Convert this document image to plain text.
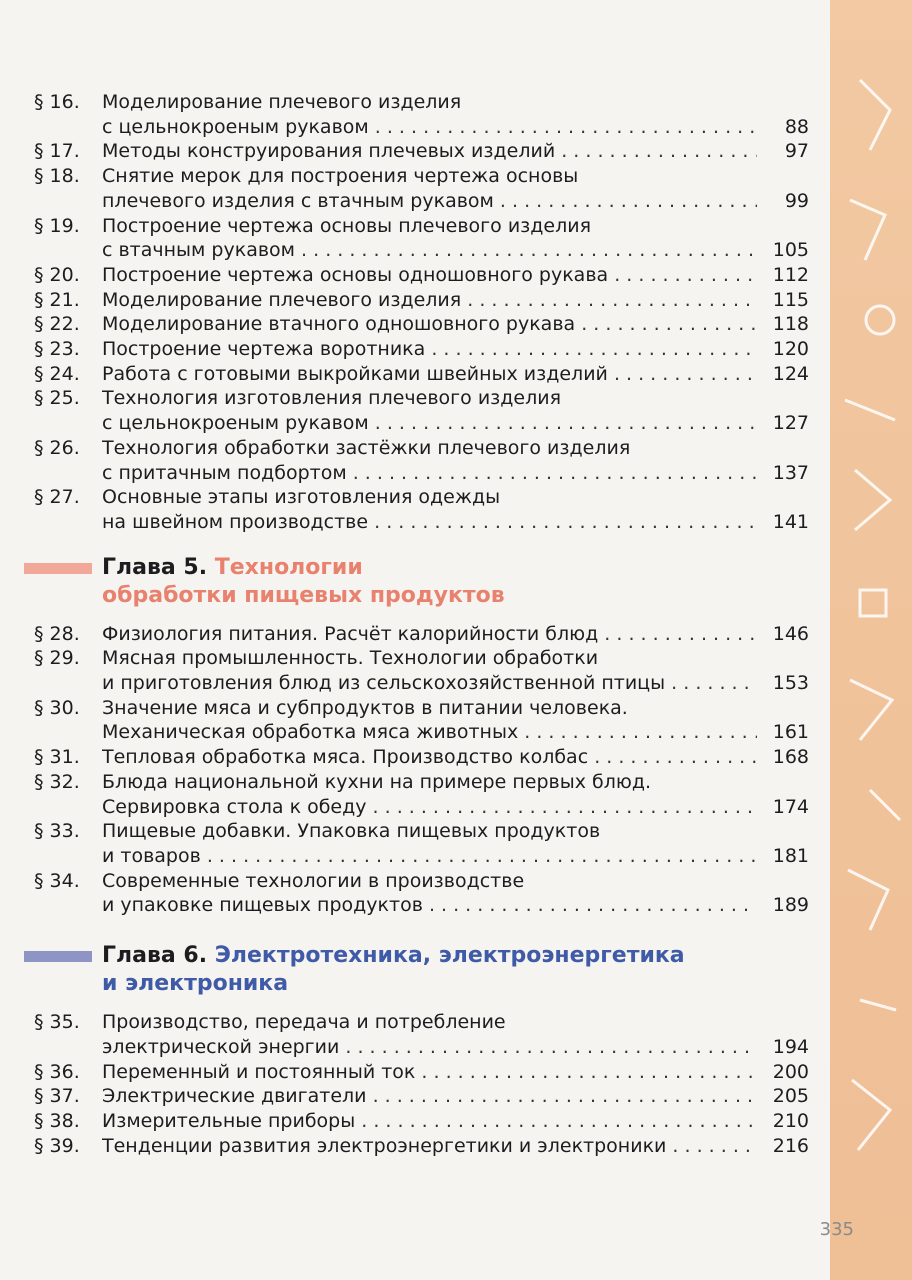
§ 16.	Моделирование плечевого изделия
с цельнокроеным рукавом . . .	88
§ 17.	Методы конструирования плечевых изделий . . .	97
§ 18.	Снятие мерок для построения чертежа основы
плечевого изделия с втачным рукавом . . .	99
§ 19.	Построение чертежа основы плечевого изделия
с втачным рукавом . . .	105
§ 20.	Построение чертежа основы одношовного рукава . . .	112
§ 21.	Моделирование плечевого изделия . . .	115
§ 22.	Моделирование втачного одношовного рукава . . .	118
§ 23.	Построение чертежа воротника . . .	120
§ 24.	Работа с готовыми выкройками швейных изделий . . .	124
§ 25.	Технология изготовления плечевого изделия
с цельнокроеным рукавом . . .	127
§ 26.	Технология обработки застёжки плечевого изделия
с притачным подбортом . . .	137
§ 27.	Основные этапы изготовления одежды
на швейном производстве . . .	141
Глава 5. Технологии
обработки пищевых продуктов
§ 28.	Физиология питания. Расчёт калорийности блюд . . .	146
§ 29.	Мясная промышленность. Технологии обработки
и приготовления блюд из сельскохозяйственной птицы . . .	153
§ 30.	Значение мяса и субпродуктов в питании человека.
Механическая обработка мяса животных . . .	161
§ 31.	Тепловая обработка мяса. Производство колбас . . .	168
§ 32.	Блюда национальной кухни на примере первых блюд.
Сервировка стола к обеду . . .	174
§ 33.	Пищевые добавки. Упаковка пищевых продуктов
и товаров . . .	181
§ 34.	Современные технологии в производстве
и упаковке пищевых продуктов . . .	189
Глава 6. Электротехника, электроэнергетика
и электроника
§ 35.	Производство, передача и потребление
электрической энергии . . .	194
§ 36.	Переменный и постоянный ток . . .	200
§ 37.	Электрические двигатели . . .	205
§ 38.	Измерительные приборы . . .	210
§ 39.	Тенденции развития электроэнергетики и электроники . . .	216
335
